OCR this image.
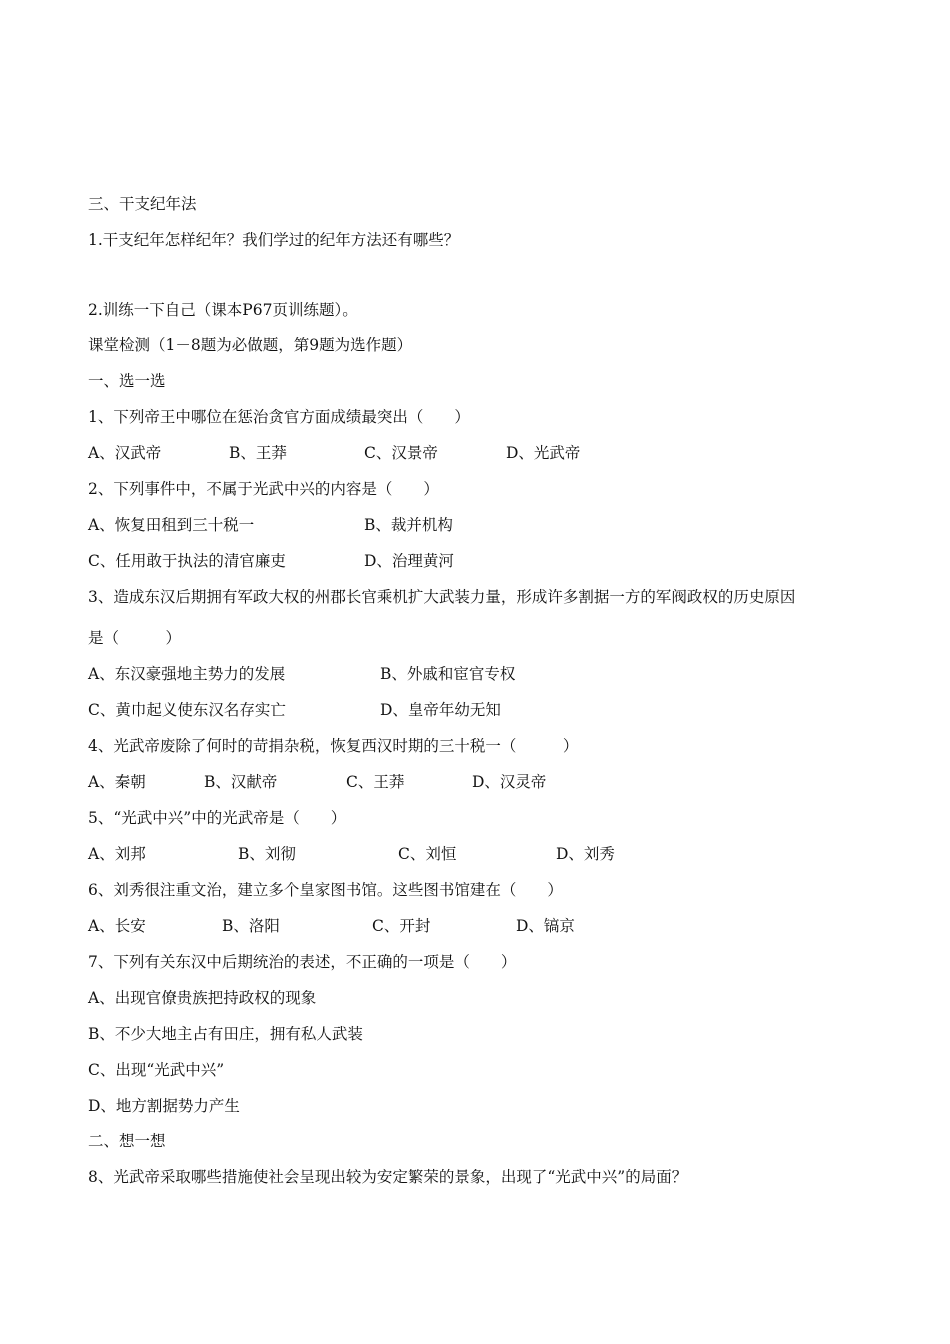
三、干支纪年法
1.干支纪年怎样纪年？我们学过的纪年方法还有哪些？
2.训练一下自己（课本P67页训练题）。
课堂检测（1－8题为必做题，第9题为选作题）
一、选一选
1、下列帝王中哪位在惩治贪官方面成绩最突出（　　）
A、汉武帝	B、王莽	C、汉景帝	D、光武帝
2、下列事件中，不属于光武中兴的内容是（　　）
A、恢复田租到三十税一	B、裁并机构
C、任用敢于执法的清官廉吏	D、治理黄河
3、造成东汉后期拥有军政大权的州郡长官乘机扩大武装力量，形成许多割据一方的军阀政权的历史原因
是（　　　）
A、东汉豪强地主势力的发展	B、外戚和宦官专权
C、黄巾起义使东汉名存实亡	D、皇帝年幼无知
4、光武帝废除了何时的苛捐杂税，恢复西汉时期的三十税一（　　　）
A、秦朝	B、汉献帝	C、王莽	D、汉灵帝
5、“光武中兴”中的光武帝是（　　）
A、刘邦	B、刘彻	C、刘恒	D、刘秀
6、刘秀很注重文治，建立多个皇家图书馆。这些图书馆建在（　　）
A、长安	B、洛阳	C、开封	D、镐京
7、下列有关东汉中后期统治的表述，不正确的一项是（　　）
A、出现官僚贵族把持政权的现象
B、不少大地主占有田庄，拥有私人武装
C、出现“光武中兴”
D、地方割据势力产生
二、想一想
8、光武帝采取哪些措施使社会呈现出较为安定繁荣的景象，出现了“光武中兴”的局面？
